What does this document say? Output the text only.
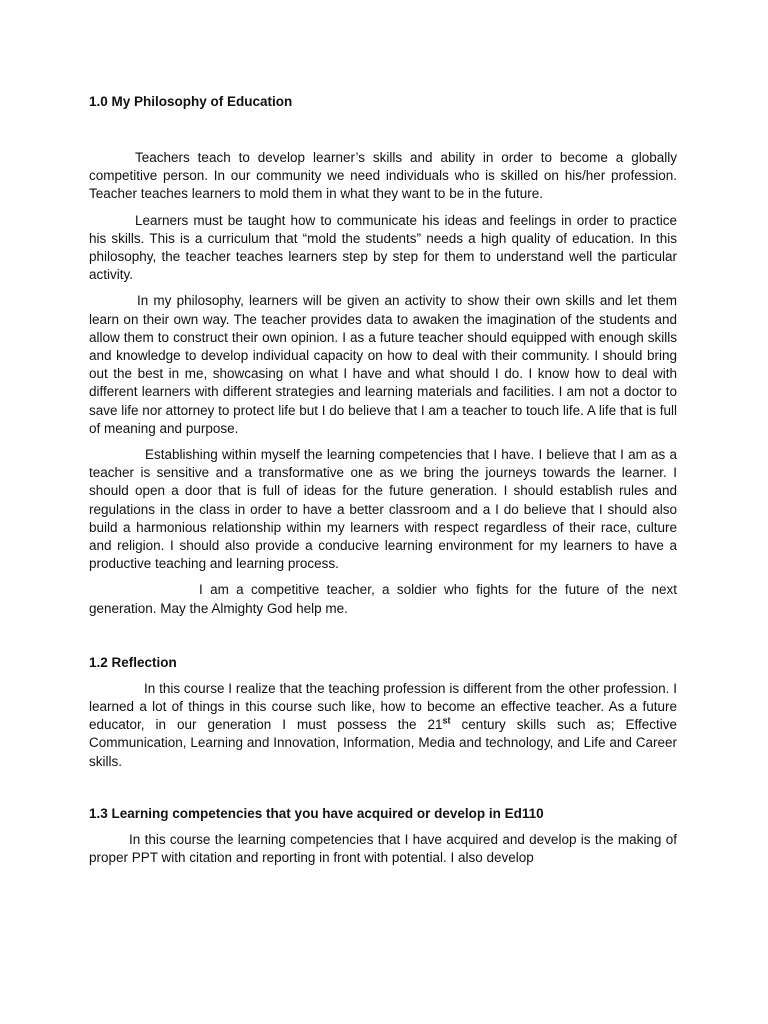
1.0 My Philosophy of Education

Teachers teach to develop learner’s skills and ability in order to become a globally competitive person. In our community we need individuals who is skilled on his/her profession. Teacher teaches learners to mold them in what they want to be in the future.

Learners must be taught how to communicate his ideas and feelings in order to practice his skills. This is a curriculum that “mold the students” needs a high quality of education. In this philosophy, the teacher teaches learners step by step for them to understand well the particular activity.

In my philosophy, learners will be given an activity to show their own skills and let them learn on their own way. The teacher provides data to awaken the imagination of the students and allow them to construct their own opinion. I as a future teacher should equipped with enough skills and knowledge to develop individual capacity on how to deal with their community. I should bring out the best in me, showcasing on what I have and what should I do. I know how to deal with different learners with different strategies and learning materials and facilities. I am not a doctor to save life nor attorney to protect life but I do believe that I am a teacher to touch life. A life that is full of meaning and purpose.

Establishing within myself the learning competencies that I have. I believe that I am as a teacher is sensitive and a transformative one as we bring the journeys towards the learner. I should open a door that is full of ideas for the future generation. I should establish rules and regulations in the class in order to have a better classroom and a I do believe that I should also build a harmonious relationship within my learners with respect regardless of their race, culture and religion. I should also provide a conducive learning environment for my learners to have a productive teaching and learning process.

I am a competitive teacher, a soldier who fights for the future of the next generation. May the Almighty God help me.

1.2 Reflection

In this course I realize that the teaching profession is different from the other profession. I learned a lot of things in this course such like, how to become an effective teacher. As a future educator, in our generation I must possess the 21st century skills such as; Effective Communication, Learning and Innovation, Information, Media and technology, and Life and Career skills.

1.3 Learning competencies that you have acquired or develop in Ed110

In this course the learning competencies that I have acquired and develop is the making of proper PPT with citation and reporting in front with potential. I also develop
